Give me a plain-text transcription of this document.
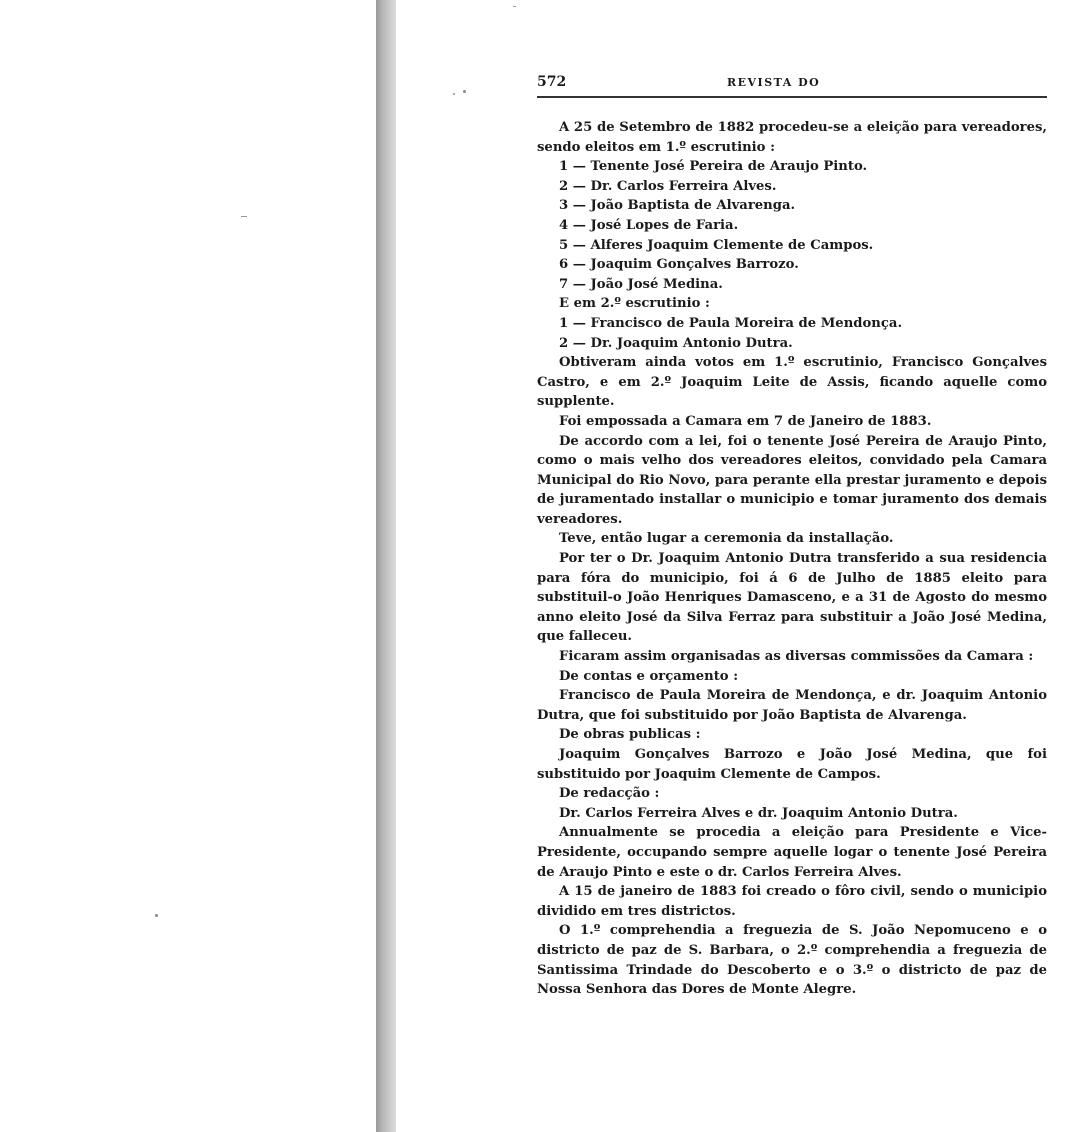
572	REVISTA DO

A 25 de Setembro de 1882 procedeu-se a eleição para vereadores, sendo eleitos em 1.º escrutinio :

1 — Tenente José Pereira de Araujo Pinto.

2 — Dr. Carlos Ferreira Alves.

3 — João Baptista de Alvarenga.

4 — José Lopes de Faria.

5 — Alferes Joaquim Clemente de Campos.

6 — Joaquim Gonçalves Barrozo.

7 — João José Medina.

E em 2.º escrutinio :

1 — Francisco de Paula Moreira de Mendonça.

2 — Dr. Joaquim Antonio Dutra.

Obtiveram ainda votos em 1.º escrutinio, Francisco Gonçalves Castro, e em 2.º Joaquim Leite de Assis, ficando aquelle como supplente.

Foi empossada a Camara em 7 de Janeiro de 1883.

De accordo com a lei, foi o tenente José Pereira de Araujo Pinto, como o mais velho dos vereadores eleitos, convidado pela Camara Municipal do Rio Novo, para perante ella prestar juramento e depois de juramentado installar o municipio e tomar juramento dos demais vereadores.

Teve, então lugar a ceremonia da installação.

Por ter o Dr. Joaquim Antonio Dutra transferido a sua residencia para fóra do municipio, foi á 6 de Julho de 1885 eleito para substituil-o João Henriques Damasceno, e a 31 de Agosto do mesmo anno eleito José da Silva Ferraz para substituir a João José Medina, que falleceu.

Ficaram assim organisadas as diversas commissões da Camara :

De contas e orçamento :

Francisco de Paula Moreira de Mendonça, e dr. Joaquim Antonio Dutra, que foi substituido por João Baptista de Alvarenga.

De obras publicas :

Joaquim Gonçalves Barrozo e João José Medina, que foi substituido por Joaquim Clemente de Campos.

De redacção :

Dr. Carlos Ferreira Alves e dr. Joaquim Antonio Dutra.

Annualmente se procedia a eleição para Presidente e Vice-Presidente, occupando sempre aquelle logar o tenente José Pereira de Araujo Pinto e este o dr. Carlos Ferreira Alves.

A 15 de janeiro de 1883 foi creado o fôro civil, sendo o municipio dividido em tres districtos.

O 1.º comprehendia a freguezia de S. João Nepomuceno e o districto de paz de S. Barbara, o 2.º comprehendia a freguezia de Santissima Trindade do Descoberto e o 3.º o districto de paz de Nossa Senhora das Dores de Monte Alegre.
